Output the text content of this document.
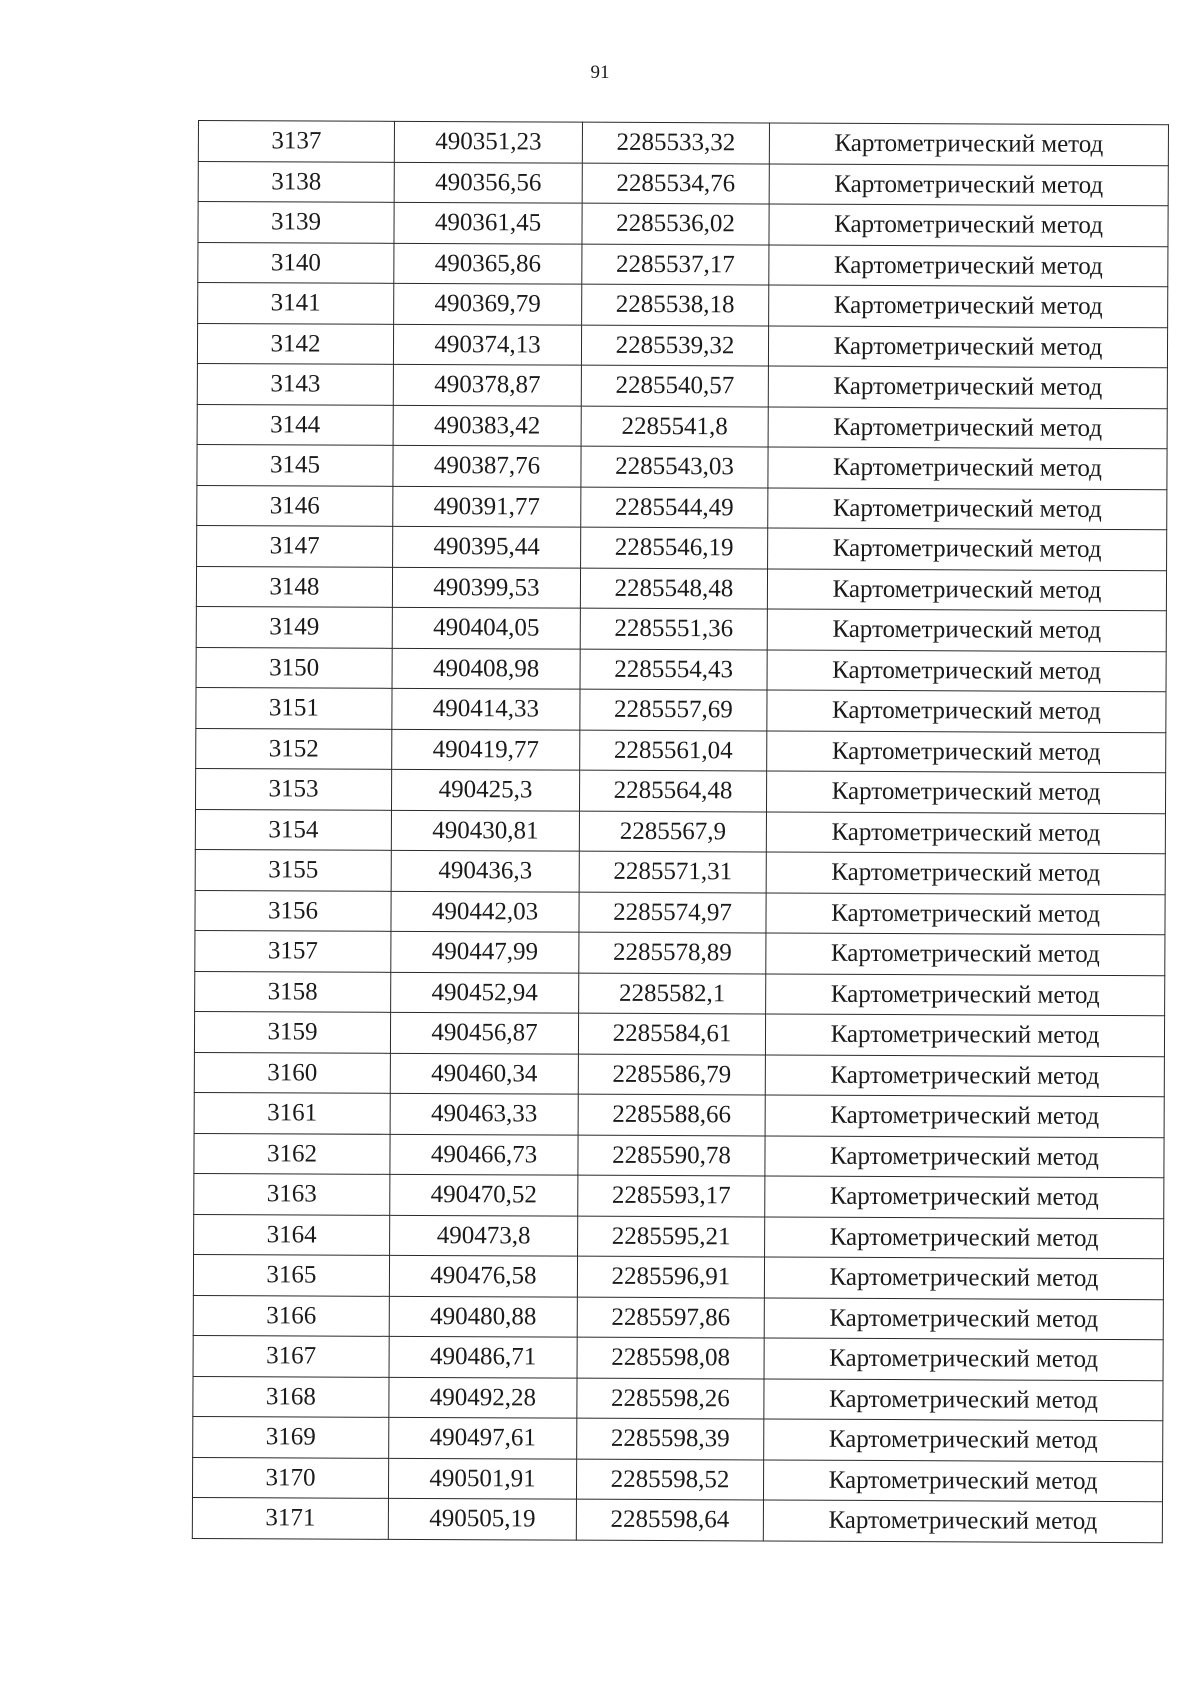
91
3137	490351,23	2285533,32	Картометрический метод
3138	490356,56	2285534,76	Картометрический метод
3139	490361,45	2285536,02	Картометрический метод
3140	490365,86	2285537,17	Картометрический метод
3141	490369,79	2285538,18	Картометрический метод
3142	490374,13	2285539,32	Картометрический метод
3143	490378,87	2285540,57	Картометрический метод
3144	490383,42	2285541,8	Картометрический метод
3145	490387,76	2285543,03	Картометрический метод
3146	490391,77	2285544,49	Картометрический метод
3147	490395,44	2285546,19	Картометрический метод
3148	490399,53	2285548,48	Картометрический метод
3149	490404,05	2285551,36	Картометрический метод
3150	490408,98	2285554,43	Картометрический метод
3151	490414,33	2285557,69	Картометрический метод
3152	490419,77	2285561,04	Картометрический метод
3153	490425,3	2285564,48	Картометрический метод
3154	490430,81	2285567,9	Картометрический метод
3155	490436,3	2285571,31	Картометрический метод
3156	490442,03	2285574,97	Картометрический метод
3157	490447,99	2285578,89	Картометрический метод
3158	490452,94	2285582,1	Картометрический метод
3159	490456,87	2285584,61	Картометрический метод
3160	490460,34	2285586,79	Картометрический метод
3161	490463,33	2285588,66	Картометрический метод
3162	490466,73	2285590,78	Картометрический метод
3163	490470,52	2285593,17	Картометрический метод
3164	490473,8	2285595,21	Картометрический метод
3165	490476,58	2285596,91	Картометрический метод
3166	490480,88	2285597,86	Картометрический метод
3167	490486,71	2285598,08	Картометрический метод
3168	490492,28	2285598,26	Картометрический метод
3169	490497,61	2285598,39	Картометрический метод
3170	490501,91	2285598,52	Картометрический метод
3171	490505,19	2285598,64	Картометрический метод
